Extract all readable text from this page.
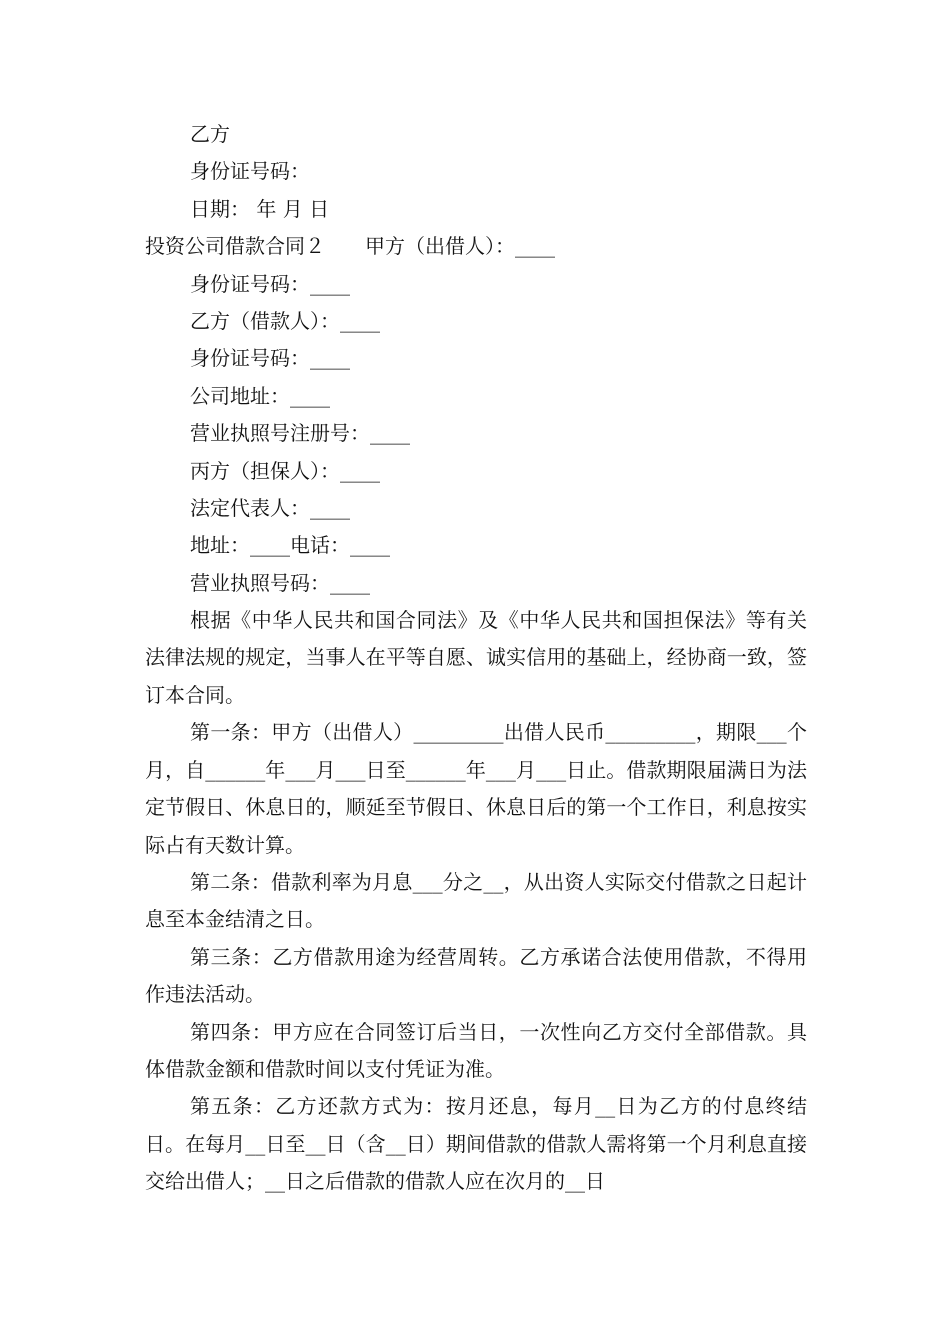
乙方
身份证号码：
日期： 年 月 日
投资公司借款合同２ 甲方（出借人）：____
身份证号码：____
乙方（借款人）：____
身份证号码：____
公司地址：____
营业执照号注册号：____
丙方（担保人）：____
法定代表人：____
地址：____电话：____
营业执照号码：____

根据《中华人民共和国合同法》及《中华人民共和国担保法》等有关法律法规的规定，当事人在平等自愿、诚实信用的基础上，经协商一致，签订本合同。

第一条：甲方（出借人）_________出借人民币_________，期限___个月，自______年___月___日至______年___月___日止。借款期限届满日为法定节假日、休息日的，顺延至节假日、休息日后的第一个工作日，利息按实际占有天数计算。

第二条：借款利率为月息___分之__，从出资人实际交付借款之日起计息至本金结清之日。

第三条：乙方借款用途为经营周转。乙方承诺合法使用借款，不得用作违法活动。

第四条：甲方应在合同签订后当日，一次性向乙方交付全部借款。具体借款金额和借款时间以支付凭证为准。

第五条：乙方还款方式为：按月还息，每月__日为乙方的付息终结日。在每月__日至__日（含__日）期间借款的借款人需将第一个月利息直接交给出借人；__日之后借款的借款人应在次月的__日
